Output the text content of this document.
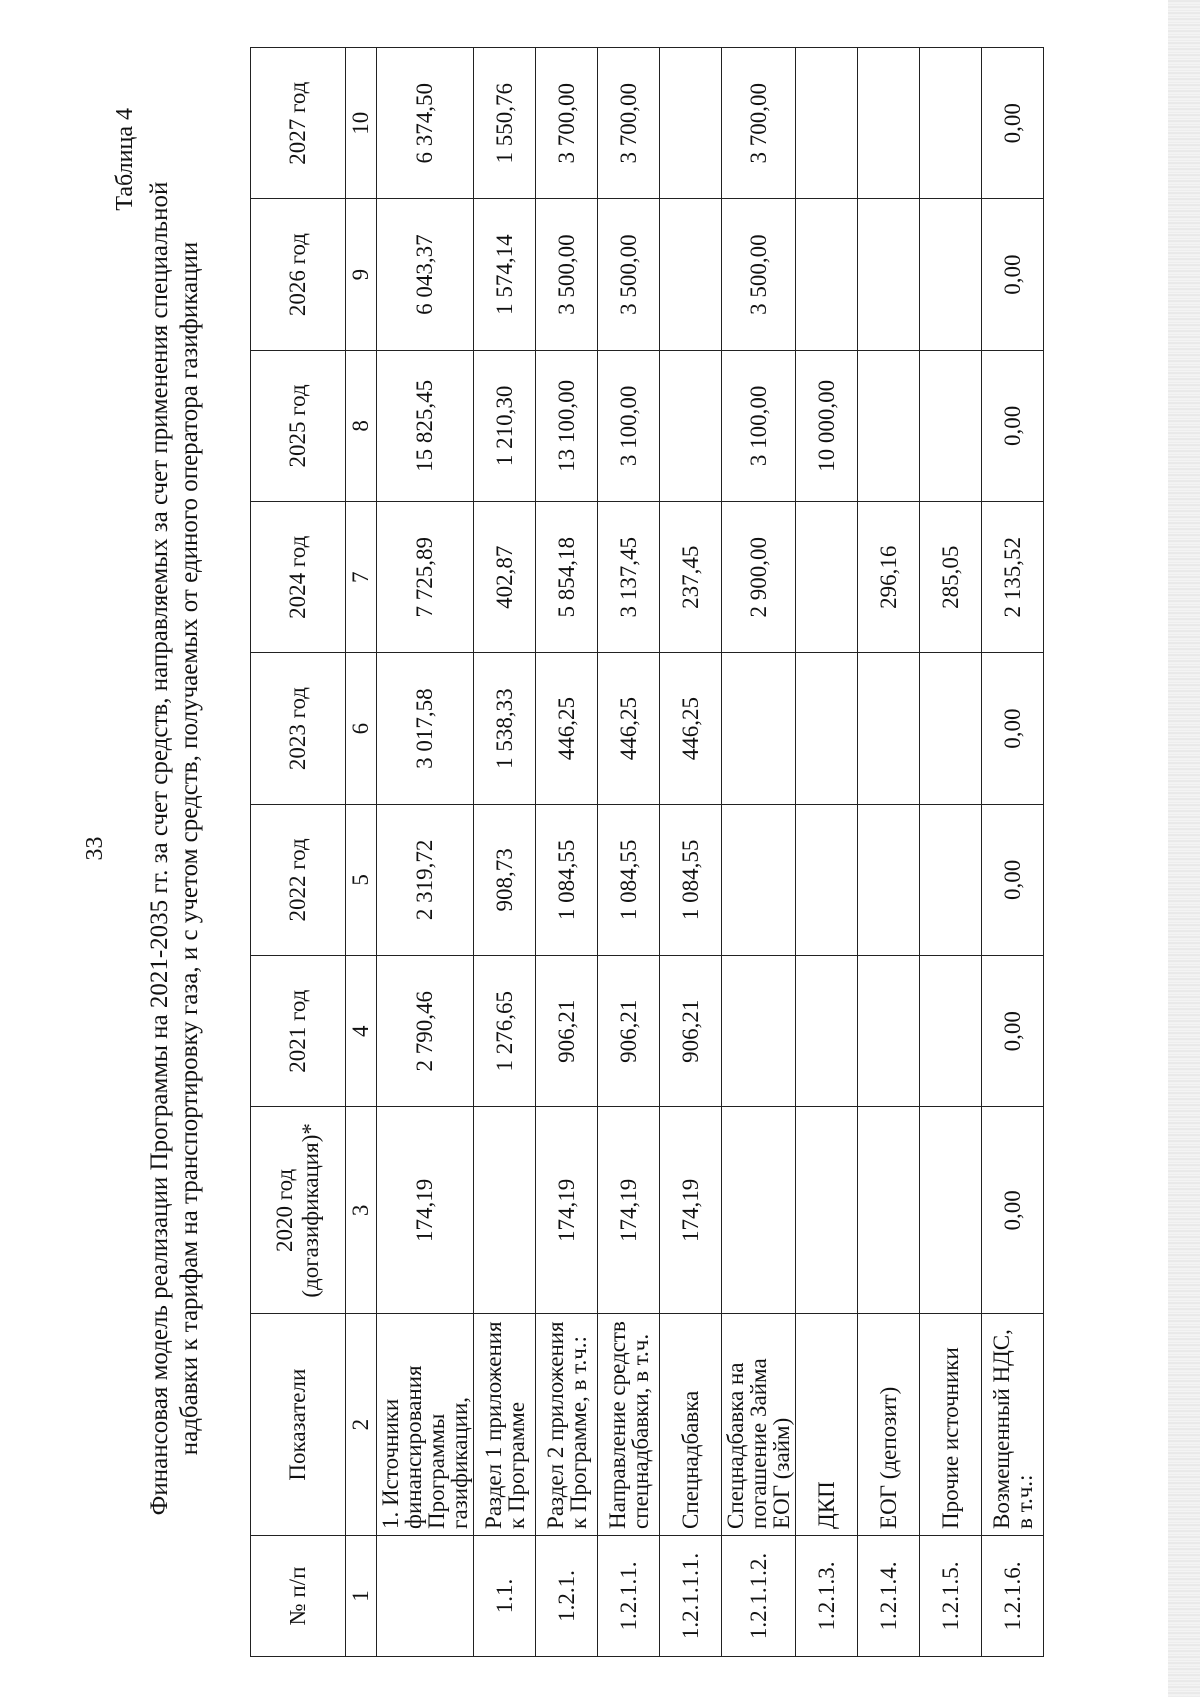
33
Таблица 4
Финансовая модель реализации Программы на 2021-2035 гг. за счет средств, направляемых за счет применения специальной надбавки к тарифам на транспортировку газа, и с учетом средств, получаемых от единого оператора газификации
№ п/п	Показатели	2020 год (догазификация)*	2021 год	2022 год	2023 год	2024 год	2025 год	2026 год	2027 год
1	2	3	4	5	6	7	8	9	10
	1. Источники финансирования Программы газификации,	174,19	2 790,46	2 319,72	3 017,58	7 725,89	15 825,45	6 043,37	6 374,50
1.1.	Раздел 1 приложения к Программе		1 276,65	908,73	1 538,33	402,87	1 210,30	1 574,14	1 550,76
1.2.1.	Раздел 2 приложения к Программе, в т.ч.:	174,19	906,21	1 084,55	446,25	5 854,18	13 100,00	3 500,00	3 700,00
1.2.1.1.	Направление средств спецнадбавки, в т.ч.	174,19	906,21	1 084,55	446,25	3 137,45	3 100,00	3 500,00	3 700,00
1.2.1.1.1.	Спецнадбавка	174,19	906,21	1 084,55	446,25	237,45			
1.2.1.1.2.	Спецнадбавка на погашение Займа ЕОГ (займ)					2 900,00	3 100,00	3 500,00	3 700,00
1.2.1.3.	ДКП						10 000,00		
1.2.1.4.	ЕОГ (депозит)					296,16			
1.2.1.5.	Прочие источники					285,05			
1.2.1.6.	Возмещенный НДС, в т.ч.:	0,00	0,00	0,00	0,00	2 135,52	0,00	0,00	0,00
